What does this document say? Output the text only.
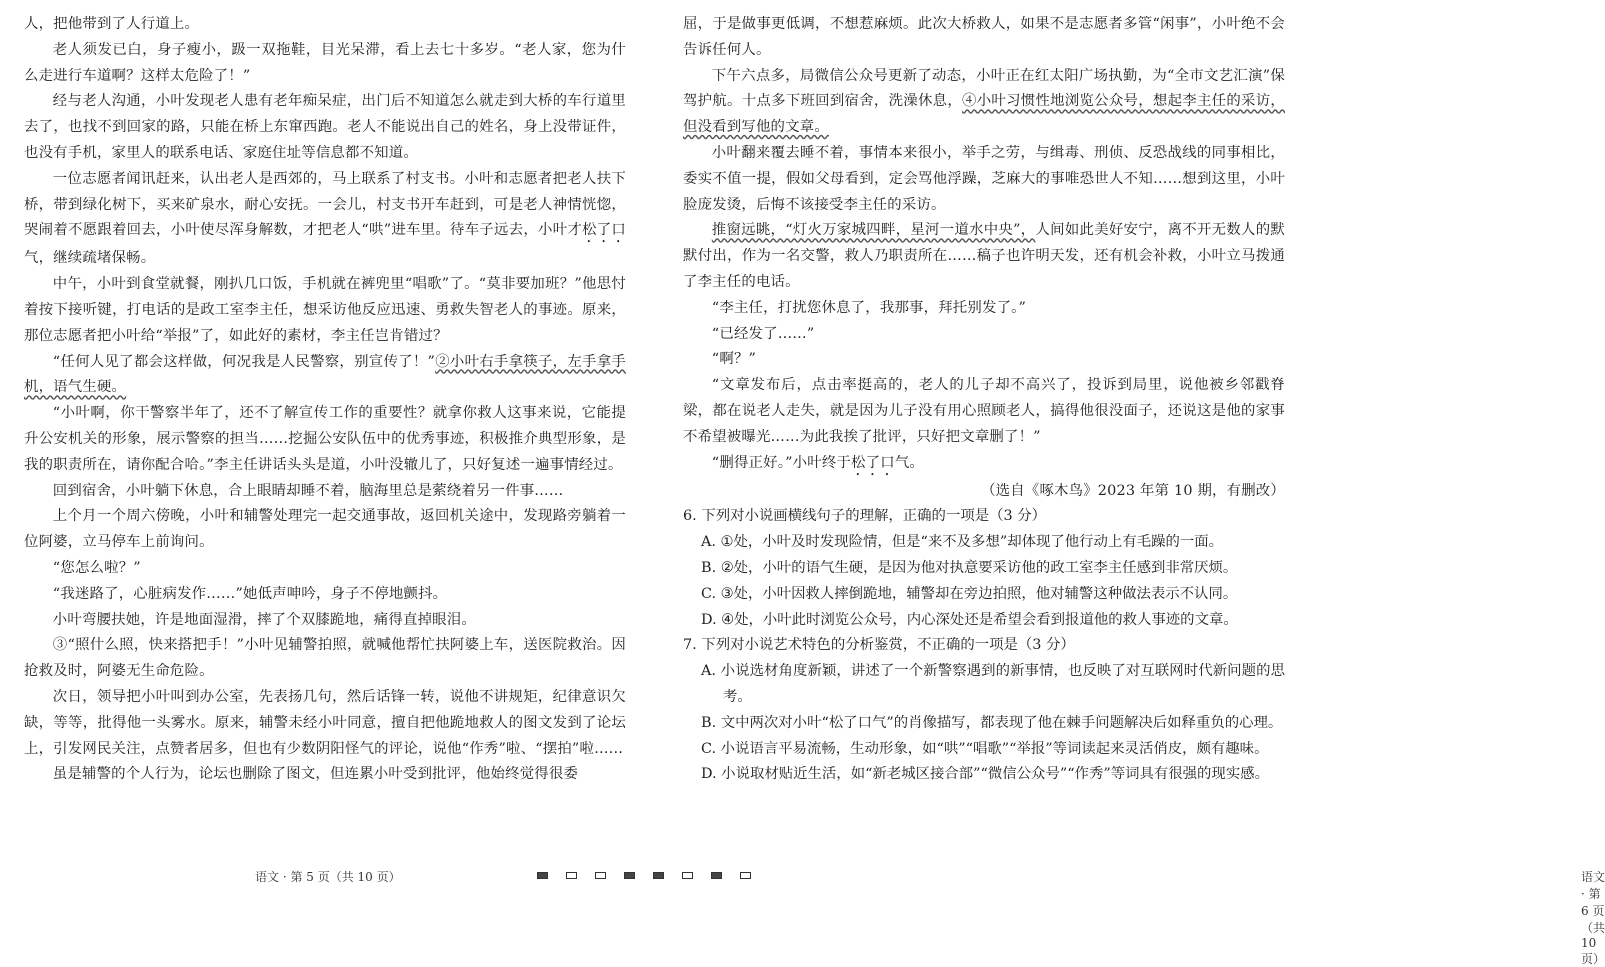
人，把他带到了人行道上。

老人须发已白，身子瘦小，趿一双拖鞋，目光呆滞，看上去七十多岁。“老人家，您为什么走进行车道啊？这样太危险了！”

经与老人沟通，小叶发现老人患有老年痴呆症，出门后不知道怎么就走到大桥的车行道里去了，也找不到回家的路，只能在桥上东窜西跑。老人不能说出自己的姓名，身上没带证件，也没有手机，家里人的联系电话、家庭住址等信息都不知道。

一位志愿者闻讯赶来，认出老人是西郊的，马上联系了村支书。小叶和志愿者把老人扶下桥，带到绿化树下，买来矿泉水，耐心安抚。一会儿，村支书开车赶到，可是老人神情恍惚，哭闹着不愿跟着回去，小叶使尽浑身解数，才把老人“哄”进车里。待车子远去，小叶才松了口气，继续疏堵保畅。

中午，小叶到食堂就餐，刚扒几口饭，手机就在裤兜里“唱歌”了。“莫非要加班？”他思忖着按下接听键，打电话的是政工室李主任，想采访他反应迅速、勇救失智老人的事迹。原来，那位志愿者把小叶给“举报”了，如此好的素材，李主任岂肯错过？

“任何人见了都会这样做，何况我是人民警察，别宣传了！”②小叶右手拿筷子，左手拿手机，语气生硬。

“小叶啊，你干警察半年了，还不了解宣传工作的重要性？就拿你救人这事来说，它能提升公安机关的形象，展示警察的担当……挖掘公安队伍中的优秀事迹，积极推介典型形象，是我的职责所在，请你配合哈。”李主任讲话头头是道，小叶没辙儿了，只好复述一遍事情经过。

回到宿舍，小叶躺下休息，合上眼睛却睡不着，脑海里总是萦绕着另一件事……

上个月一个周六傍晚，小叶和辅警处理完一起交通事故，返回机关途中，发现路旁躺着一位阿婆，立马停车上前询问。

“您怎么啦？”

“我迷路了，心脏病发作……”她低声呻吟，身子不停地颤抖。

小叶弯腰扶她，许是地面湿滑，摔了个双膝跪地，痛得直掉眼泪。

③“照什么照，快来搭把手！”小叶见辅警拍照，就喊他帮忙扶阿婆上车，送医院救治。因抢救及时，阿婆无生命危险。

次日，领导把小叶叫到办公室，先表扬几句，然后话锋一转，说他不讲规矩，纪律意识欠缺，等等，批得他一头雾水。原来，辅警未经小叶同意，擅自把他跪地救人的图文发到了论坛上，引发网民关注，点赞者居多，但也有少数阴阳怪气的评论，说他“作秀”啦、“摆拍”啦……

虽是辅警的个人行为，论坛也删除了图文，但连累小叶受到批评，他始终觉得很委

语文 · 第 5 页（共 10 页）

屈，于是做事更低调，不想惹麻烦。此次大桥救人，如果不是志愿者多管“闲事”，小叶绝不会告诉任何人。

下午六点多，局微信公众号更新了动态，小叶正在红太阳广场执勤，为“全市文艺汇演”保驾护航。十点多下班回到宿舍，洗澡休息，④小叶习惯性地浏览公众号，想起李主任的采访，但没看到写他的文章。

小叶翻来覆去睡不着，事情本来很小，举手之劳，与缉毒、刑侦、反恐战线的同事相比，委实不值一提，假如父母看到，定会骂他浮躁，芝麻大的事唯恐世人不知……想到这里，小叶脸庞发烫，后悔不该接受李主任的采访。

推窗远眺，“灯火万家城四畔，星河一道水中央”，人间如此美好安宁，离不开无数人的默默付出，作为一名交警，救人乃职责所在……稿子也许明天发，还有机会补救，小叶立马拨通了李主任的电话。

“李主任，打扰您休息了，我那事，拜托别发了。”

“已经发了……”

“啊？”

“文章发布后，点击率挺高的，老人的儿子却不高兴了，投诉到局里，说他被乡邻戳脊梁，都在说老人走失，就是因为儿子没有用心照顾老人，搞得他很没面子，还说这是他的家事不希望被曝光……为此我挨了批评，只好把文章删了！”

“删得正好。”小叶终于松了口气。

（选自《啄木鸟》2023 年第 10 期，有删改）

6. 下列对小说画横线句子的理解，正确的一项是（3 分）

A. ①处，小叶及时发现险情，但是“来不及多想”却体现了他行动上有毛躁的一面。

B. ②处，小叶的语气生硬，是因为他对执意要采访他的政工室李主任感到非常厌烦。

C. ③处，小叶因救人摔倒跪地，辅警却在旁边拍照，他对辅警这种做法表示不认同。

D. ④处，小叶此时浏览公众号，内心深处还是希望会看到报道他的救人事迹的文章。

7. 下列对小说艺术特色的分析鉴赏，不正确的一项是（3 分）

A. 小说选材角度新颖，讲述了一个新警察遇到的新事情，也反映了对互联网时代新问题的思考。

B. 文中两次对小叶“松了口气”的肖像描写，都表现了他在棘手问题解决后如释重负的心理。

C. 小说语言平易流畅，生动形象，如“哄”“唱歌”“举报”等词读起来灵活俏皮，颇有趣味。

D. 小说取材贴近生活，如“新老城区接合部”“微信公众号”“作秀”等词具有很强的现实感。

语文 · 第 6 页（共 10 页）
